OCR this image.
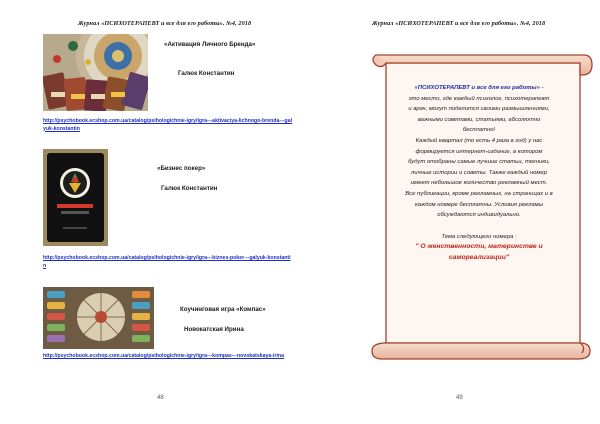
Журнал «ПСИХОТЕРАПЕВТ и все для его работы». №4, 2018
«Активация Личного Бренда»
Галюк Константин
http://psychobook.ecshop.com.ua/catalog/psihologichnie-igry/igra---aktivaciya-lichnogo-brenda---galyuk-konstantin
«Бизнес покер»
Галюк Константин
http://psychobook.ecshop.com.ua/catalog/psihologichnie-igry/igra---biznes-poker---galyuk-konstantin
Коучинговая игра «Компас»
Новокатская Ирина
http://psychobook.ecshop.com.ua/catalog/psihologichnie-igry/igra---kompas---novokatskaya-irina
48
Журнал «ПСИХОТЕРАПЕВТ и все для его работы». №4, 2018
49
«ПСИХОТЕРАПЕВТ и все для его работы» -
это место, где каждый психолог, психотерапевт
и врач, могут поделится своими размышлениями,
важными советами, статьями, абсолютно
бесплатно!
Каждый квартал (то есть 4 раза в год) у нас
формируется интернет-издание, в котором
будут отобраны самые лучшие статьи, техники,
личные истории и советы. Также каждый номер
имеет небольшое количество рекламный мест.
Все публикации, кроме рекламных, на страницах и в
каждом номере бесплатны. Условия рекламы
обсуждаются индивидуально.
Тема следующего номера :
" О женственности, материнстве и
самореализации"
